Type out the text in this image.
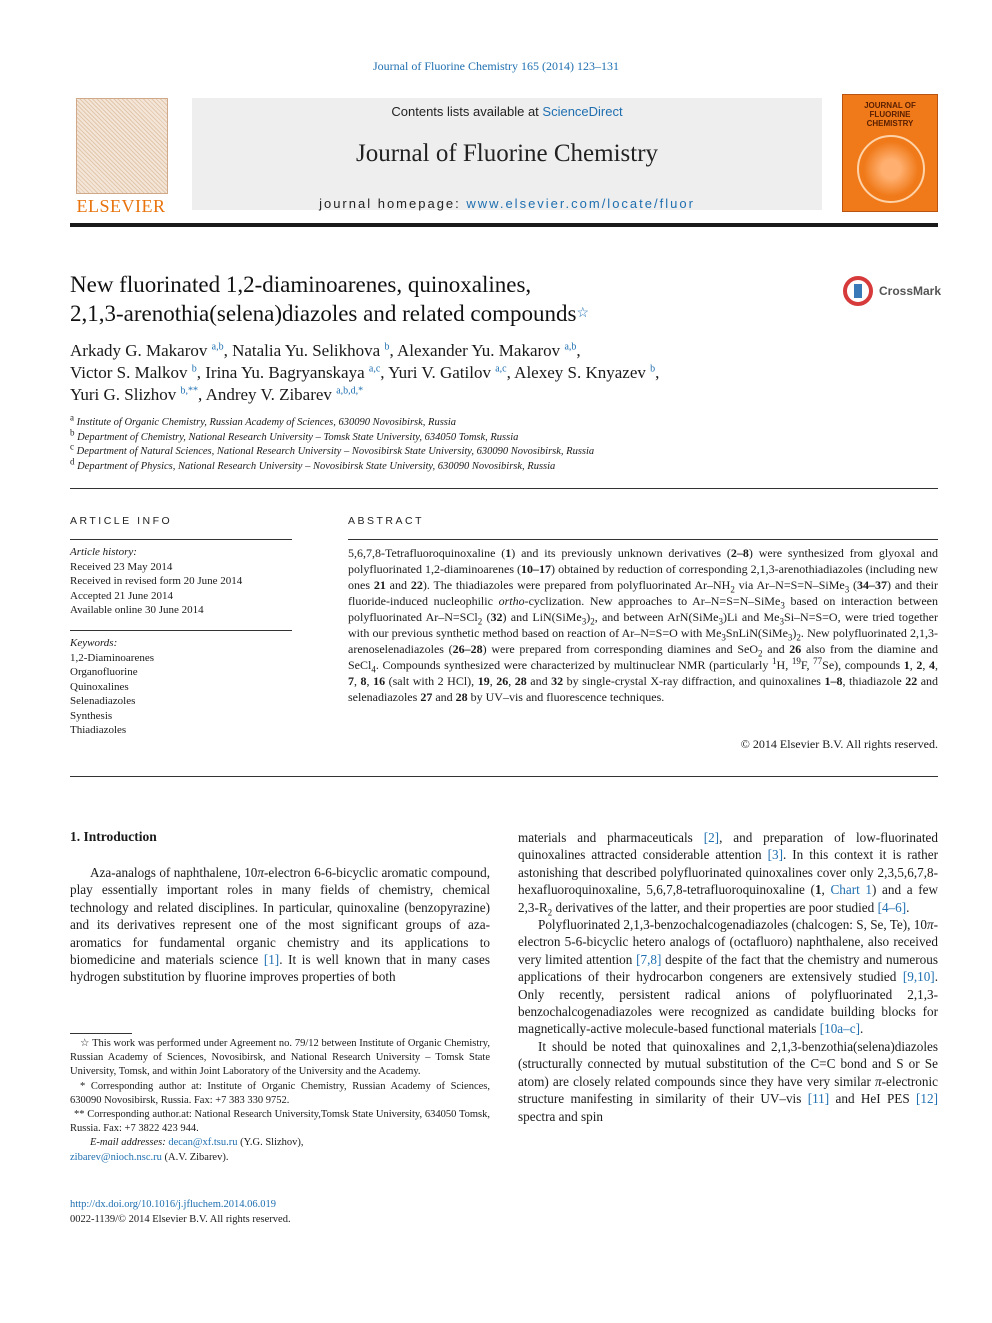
Journal of Fluorine Chemistry 165 (2014) 123–131
ELSEVIER
Contents lists available at ScienceDirect
Journal of Fluorine Chemistry
journal homepage: www.elsevier.com/locate/fluor
JOURNAL OF FLUORINE CHEMISTRY
New fluorinated 1,2-diaminoarenes, quinoxalines,
2,1,3-arenothia(selena)diazoles and related compounds☆
CrossMark
Arkady G. Makarov $^{a,b}$, Natalia Yu. Selikhova $^b$, Alexander Yu. Makarov $^{a,b}$,
Victor S. Malkov $^b$, Irina Yu. Bagryanskaya $^{a,c}$, Yuri V. Gatilov $^{a,c}$, Alexey S. Knyazev $^b$,
Yuri G. Slizhov $^{b,**}$, Andrey V. Zibarev $^{a,b,d,*}$
$^a$ Institute of Organic Chemistry, Russian Academy of Sciences, 630090 Novosibirsk, Russia
$^b$ Department of Chemistry, National Research University – Tomsk State University, 634050 Tomsk, Russia
$^c$ Department of Natural Sciences, National Research University – Novosibirsk State University, 630090 Novosibirsk, Russia
$^d$ Department of Physics, National Research University – Novosibirsk State University, 630090 Novosibirsk, Russia
ARTICLE INFO
Article history:
Received 23 May 2014
Received in revised form 20 June 2014
Accepted 21 June 2014
Available online 30 June 2014
Keywords:
1,2-Diaminoarenes
Organofluorine
Quinoxalines
Selenadiazoles
Synthesis
Thiadiazoles
ABSTRACT
5,6,7,8-Tetrafluoroquinoxaline (1) and its previously unknown derivatives (2–8) were synthesized from glyoxal and polyfluorinated 1,2-diaminoarenes (10–17) obtained by reduction of corresponding 2,1,3-arenothiadiazoles (including new ones 21 and 22). The thiadiazoles were prepared from polyfluorinated $Ar-NH_2$ via Ar–N=S=N–SiMe$_3$ (34–37) and their fluoride-induced nucleophilic ortho-cyclization. New approaches to Ar–N=S=N–SiMe$_3$ based on interaction between polyfluorinated Ar–N=SCl$_2$ (32) and $LiN(SiMe_3)_2$, and between ArN(SiMe$_3$)Li and $Me_3Si-N=S=O$, were tried together with our previous synthetic method based on reaction of Ar–N=S=O with $Me_3SnLiN(SiMe_3)_2$. New polyfluorinated 2,1,3-arenoselenadiazoles (26–28) were prepared from corresponding diamines and SeO$_2$ and 26 also from the diamine and SeCl$_4$. Compounds synthesized were characterized by multinuclear NMR (particularly $^1$H, $^{19}$F, $^{77}$Se), compounds 1, 2, 4, 7, 8, 16 (salt with 2 HCl), 19, 26, 28 and 32 by single-crystal X-ray diffraction, and quinoxalines 1–8, thiadiazole 22 and selenadiazoles 27 and 28 by UV–vis and fluorescence techniques.
© 2014 Elsevier B.V. All rights reserved.
1. Introduction

Aza-analogs of naphthalene, 10π-electron 6-6-bicyclic aromatic compound, play essentially important roles in many fields of chemistry, chemical technology and related disciplines. In particular, quinoxaline (benzopyrazine) and its derivatives represent one of the most significant groups of aza-aromatics for fundamental organic chemistry and its applications to biomedicine and materials science [1]. It is well known that in many cases hydrogen substitution by fluorine improves properties of both

materials and pharmaceuticals [2], and preparation of low-fluorinated quinoxalines attracted considerable attention [3]. In this context it is rather astonishing that described polyfluorinated quinoxalines cover only 2,3,5,6,7,8-hexafluoroquinoxaline, 5,6,7,8-tetrafluoroquinoxaline (1, Chart 1) and a few $2,3-R_2$ derivatives of the latter, and their properties are poor studied [4–6].

Polyfluorinated 2,1,3-benzochalcogenadiazoles (chalcogen: S, Se, Te), 10π-electron 5-6-bicyclic hetero analogs of (octafluoro) naphthalene, also received very limited attention [7,8] despite of the fact that the chemistry and numerous applications of their hydrocarbon congeners are extensively studied [9,10]. Only recently, persistent radical anions of polyfluorinated 2,1,3-benzochalcogenadiazoles were recognized as candidate building blocks for magnetically-active molecule-based functional materials [10a–c].

It should be noted that quinoxalines and 2,1,3-benzothia(selena)diazoles (structurally connected by mutual substitution of the C=C bond and S or Se atom) are closely related compounds since they have very similar π-electronic structure manifesting in similarity of their UV–vis [11] and HeI PES [12] spectra and spin

☆ This work was performed under Agreement no. 79/12 between Institute of Organic Chemistry, Russian Academy of Sciences, Novosibirsk, and National Research University – Tomsk State University, Tomsk, and within Joint Laboratory of the University and the Academy.

* Corresponding author at: Institute of Organic Chemistry, Russian Academy of Sciences, 630090 Novosibirsk, Russia. Fax: +7 383 330 9752.

** Corresponding author.at: National Research University,Tomsk State University, 634050 Tomsk, Russia. Fax: +7 3822 423 944.

E-mail addresses: decan@xf.tsu.ru (Y.G. Slizhov),

zibarev@nioch.nsc.ru (A.V. Zibarev).

http://dx.doi.org/10.1016/j.jfluchem.2014.06.019
0022-1139/© 2014 Elsevier B.V. All rights reserved.
